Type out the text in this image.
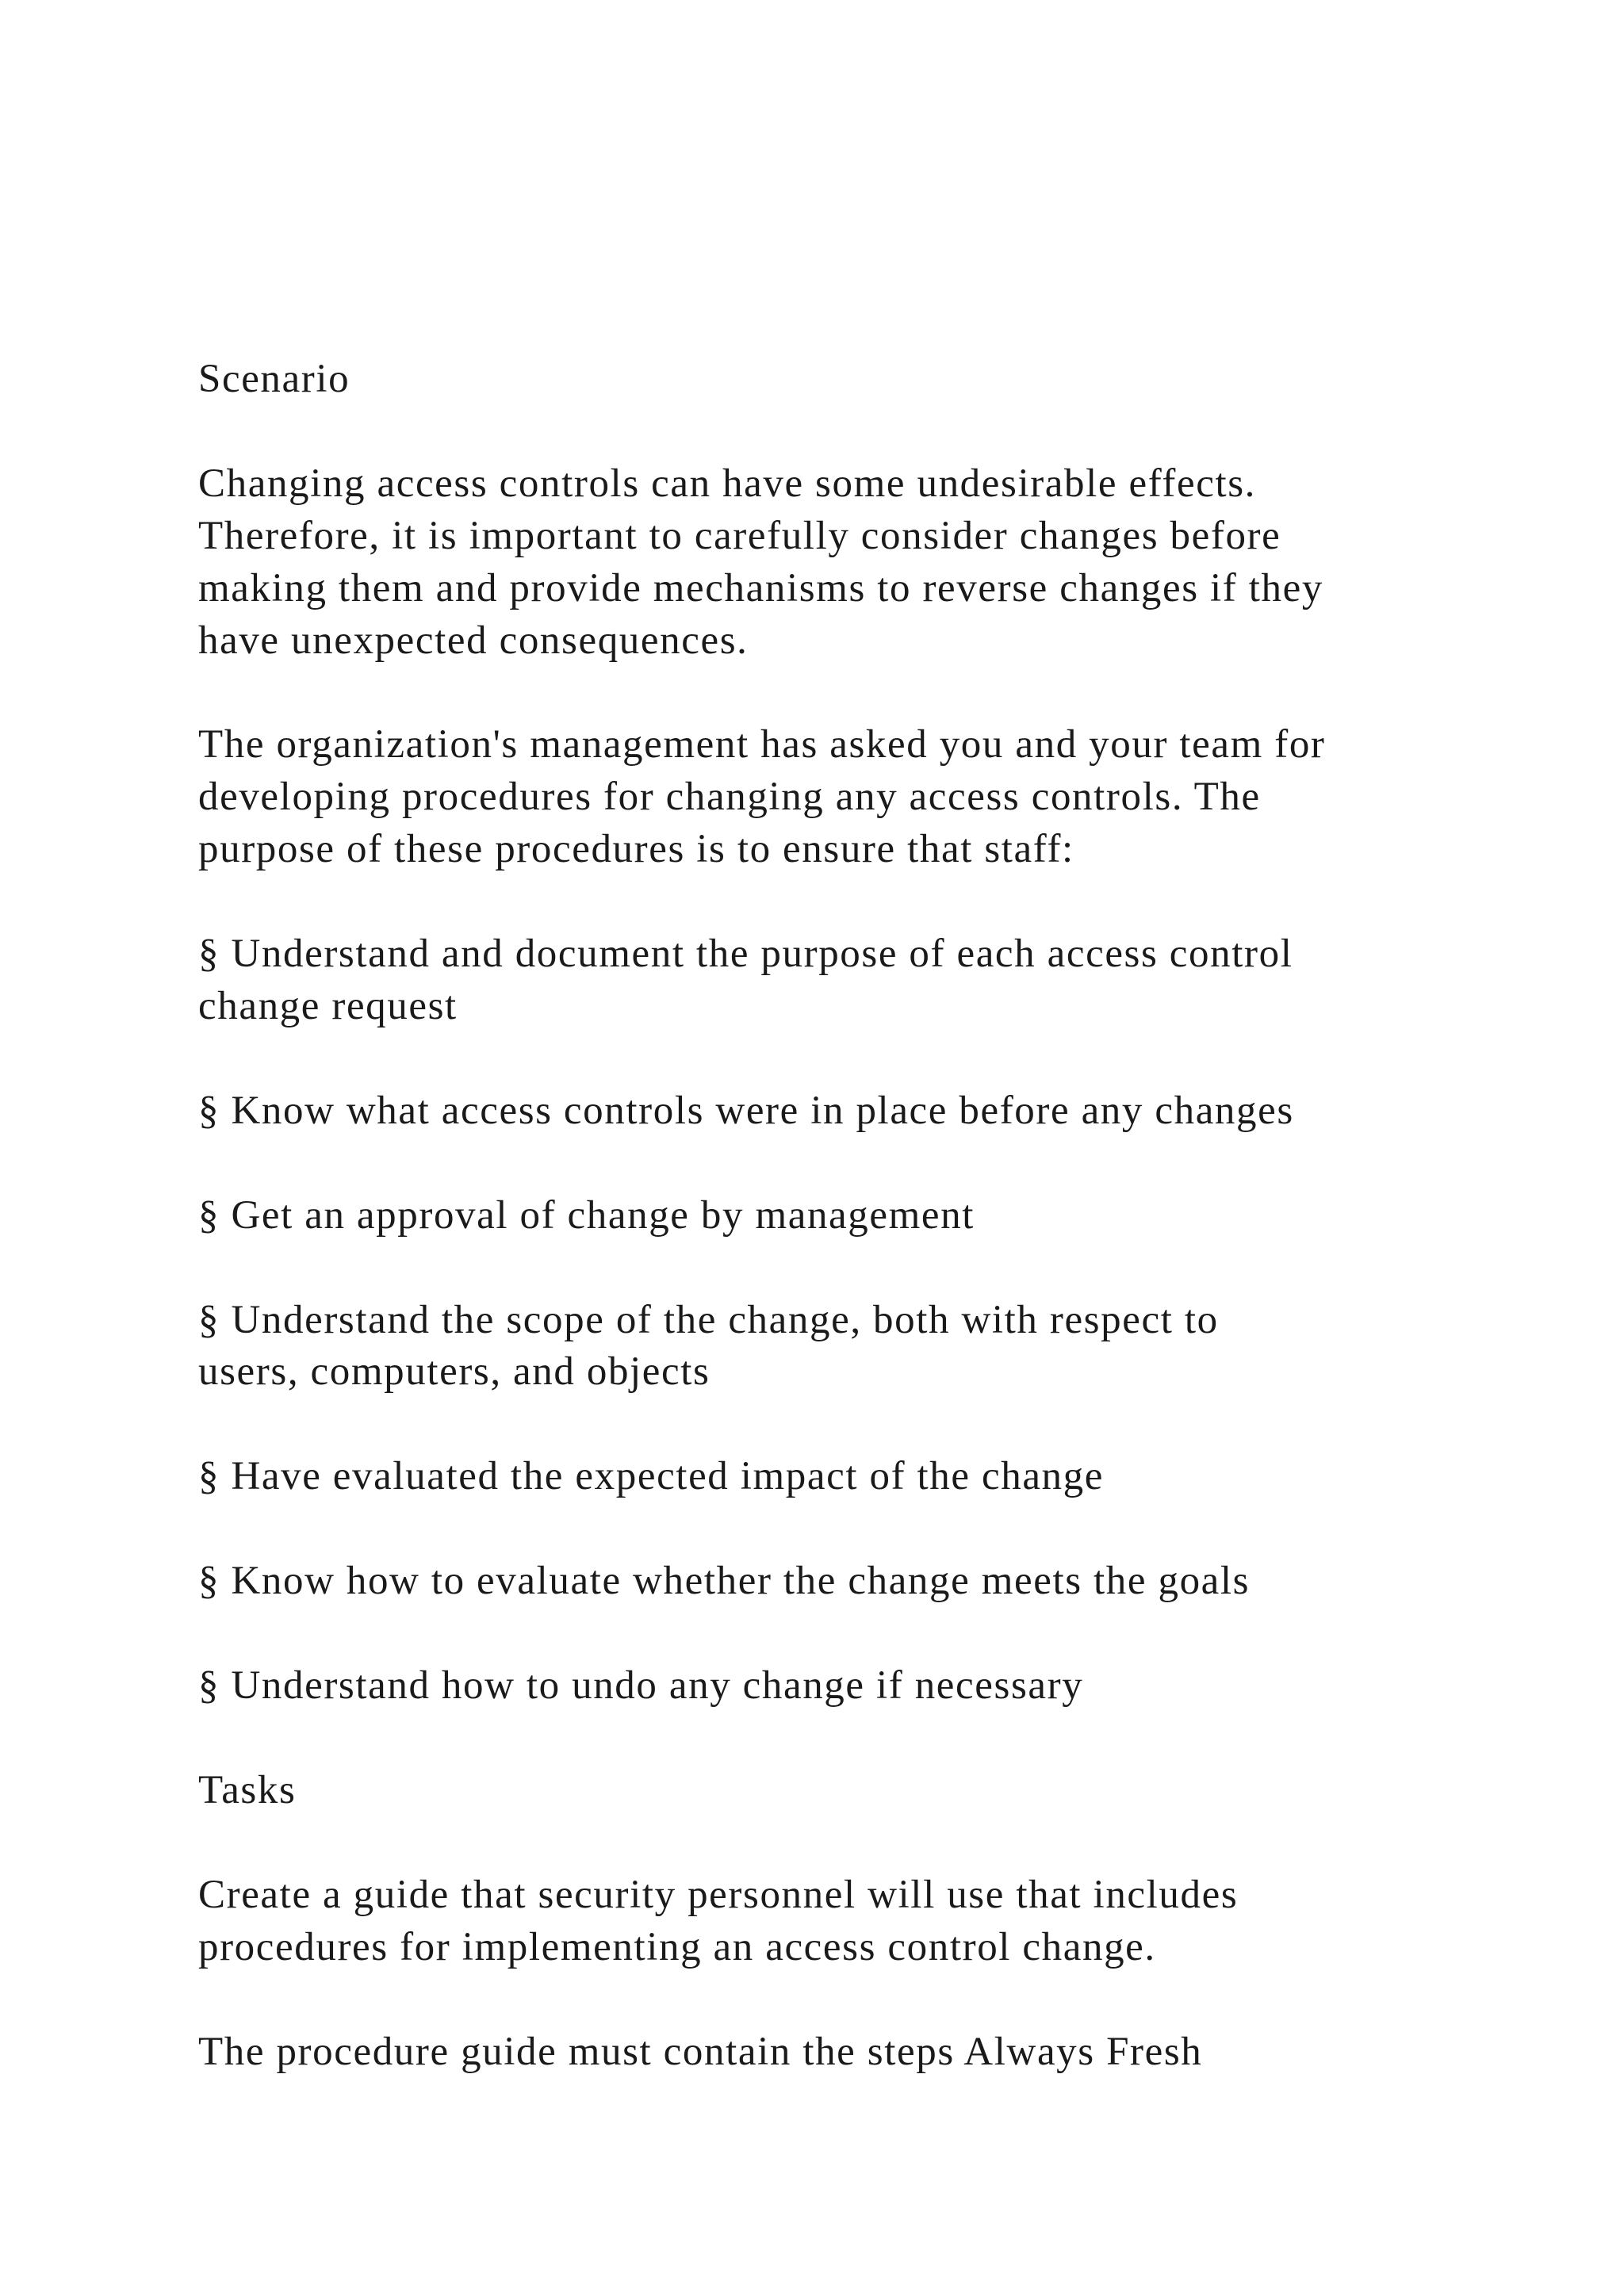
Scenario

Changing access controls can have some undesirable effects.

Therefore, it is important to carefully consider changes before

making them and provide mechanisms to reverse changes if they

have unexpected consequences.

The organization's management has asked you and your team for

developing procedures for changing any access controls. The

purpose of these procedures is to ensure that staff:

§ Understand and document the purpose of each access control

change request

§ Know what access controls were in place before any changes

§ Get an approval of change by management

§ Understand the scope of the change, both with respect to

users, computers, and objects

§ Have evaluated the expected impact of the change

§ Know how to evaluate whether the change meets the goals

§ Understand how to undo any change if necessary

Tasks

Create a guide that security personnel will use that includes

procedures for implementing an access control change.

The procedure guide must contain the steps Always Fresh
